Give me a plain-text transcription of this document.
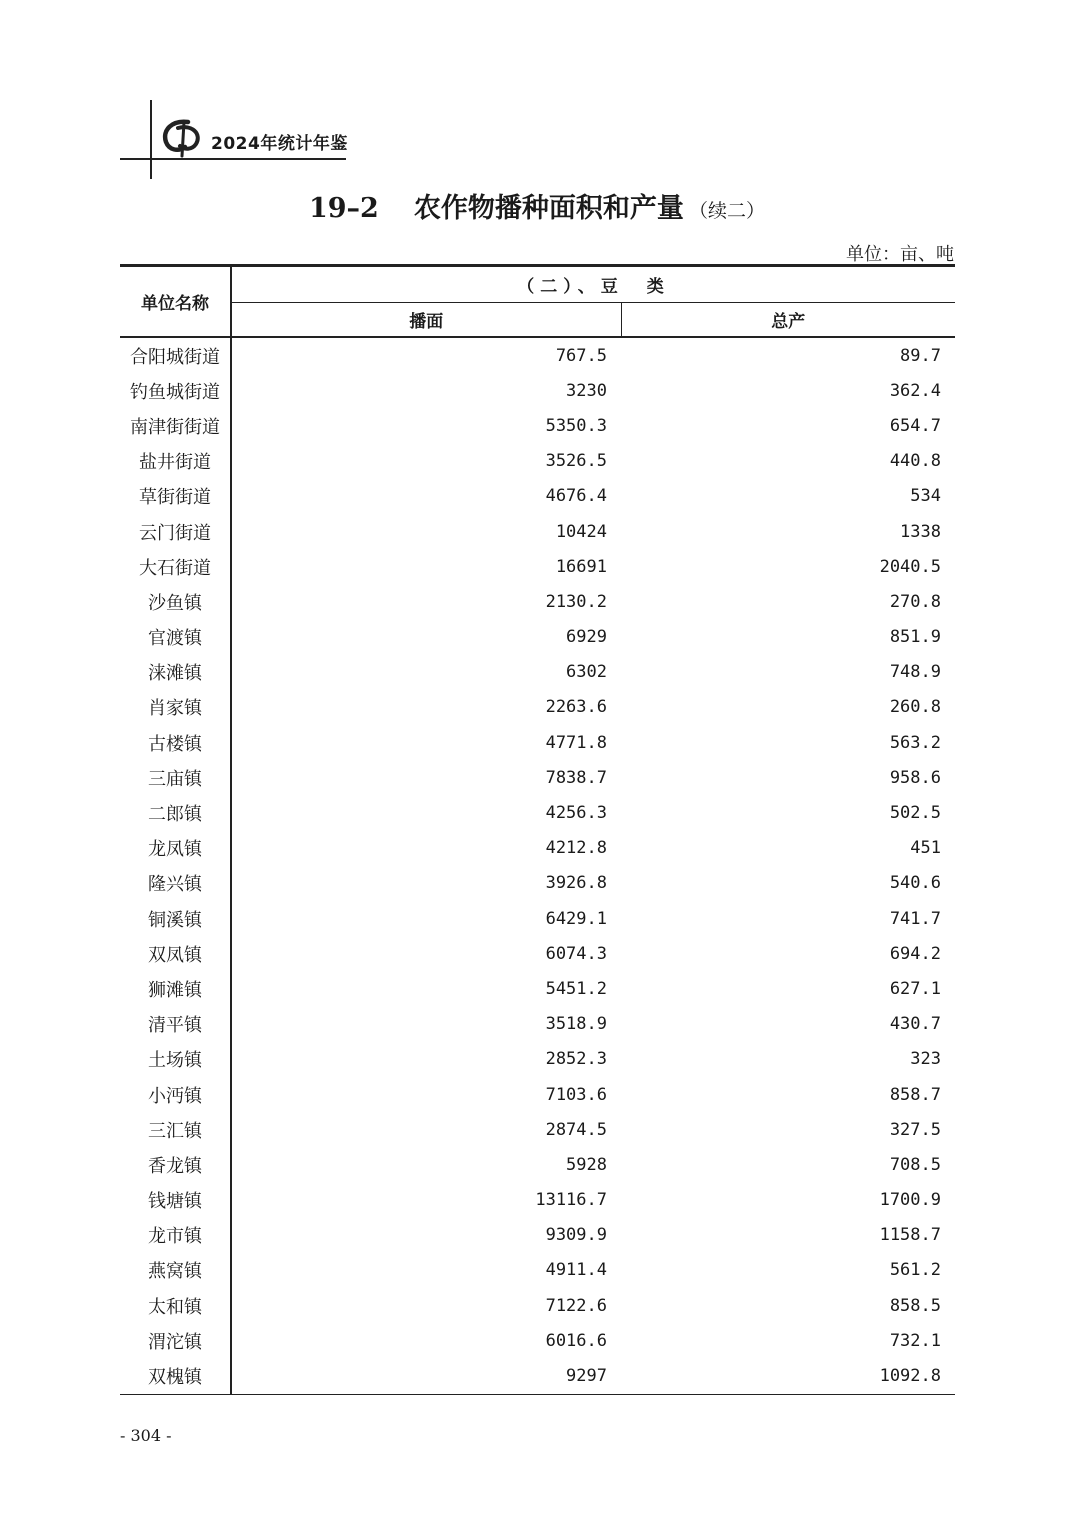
2024年统计年鉴
19–2 农作物播种面积和产量 （续二）
单位：亩、吨
单位名称	（二）、豆　类	
	播面	总产
合阳城街道	767.5	89.7
钓鱼城街道	3230	362.4
南津街街道	5350.3	654.7
盐井街道	3526.5	440.8
草街街道	4676.4	534
云门街道	10424	1338
大石街道	16691	2040.5
沙鱼镇	2130.2	270.8
官渡镇	6929	851.9
涞滩镇	6302	748.9
肖家镇	2263.6	260.8
古楼镇	4771.8	563.2
三庙镇	7838.7	958.6
二郎镇	4256.3	502.5
龙凤镇	4212.8	451
隆兴镇	3926.8	540.6
铜溪镇	6429.1	741.7
双凤镇	6074.3	694.2
狮滩镇	5451.2	627.1
清平镇	3518.9	430.7
土场镇	2852.3	323
小沔镇	7103.6	858.7
三汇镇	2874.5	327.5
香龙镇	5928	708.5
钱塘镇	13116.7	1700.9
龙市镇	9309.9	1158.7
燕窝镇	4911.4	561.2
太和镇	7122.6	858.5
渭沱镇	6016.6	732.1
双槐镇	9297	1092.8
- 304 -
